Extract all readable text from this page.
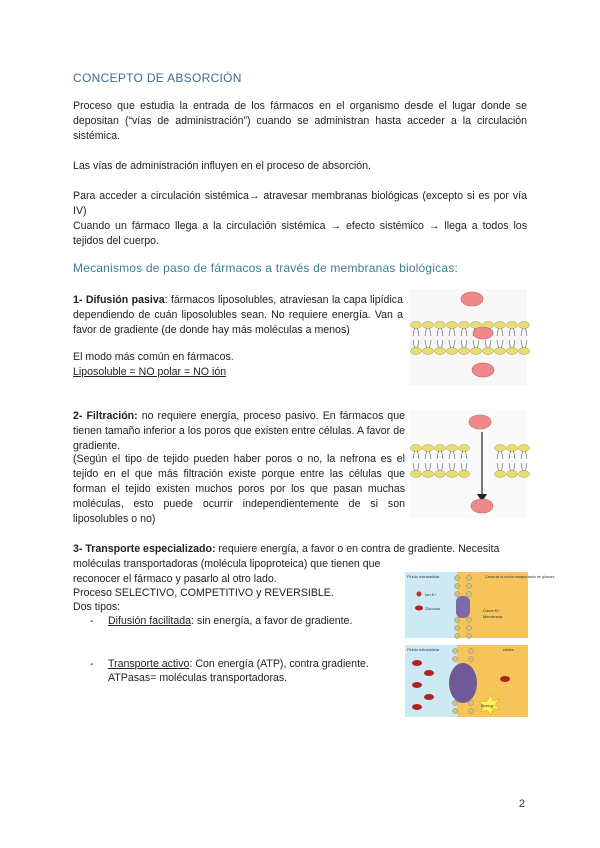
CONCEPTO DE ABSORCIÓN
Proceso que estudia la entrada de los fármacos en el organismo desde el lugar donde se depositan (“vías de administración”) cuando se administran hasta acceder a la circulación sistémica.
Las vías de administración influyen en el proceso de absorción.
Para acceder a circulación sistémica→ atravesar membranas biológicas (excepto si es por vía IV)
Cuando un fármaco llega a la circulación sistémica → efecto sistémico → llega a todos los tejidos del cuerpo.
Mecanismos de paso de fármacos a través de membranas biológicas:
1- Difusión pasiva: fármacos liposolubles, atraviesan la capa lipídica dependiendo de cuán liposolubles sean. No requiere energía. Van a favor de gradiente (de donde hay más moléculas a menos)
El modo más común en fármacos.
Liposoluble = NO polar = NO ión
2- Filtración: no requiere energía, proceso pasivo. En fármacos que tienen tamaño inferior a los poros que existen entre células. A favor de gradiente.
(Según el tipo de tejido pueden haber poros o no, la nefrona es el tejido en el que más filtración existe porque entre las células que forman el tejido existen muchos poros por los que pasan muchas moléculas, esto puede ocurrir independientemente de si son liposolubles o no)
3- Transporte especializado: requiere energía, a favor o en contra de gradiente. Necesita
moléculas transportadoras (molécula lipoproteica) que tienen que
reconocer el fármaco y pasarlo al otro lado.
Proceso SELECTIVO, COMPETITIVO y REVERSIBLE.
Dos tipos:
- Difusión facilitada: sin energía, a favor de gradiente.
- Transporte activo: Con energía (ATP), contra gradiente.
ATPasas= moléculas transportadoras.
Fluido extracelular
Ion K+
Glucosa
Canal de la célula transportador de glucosa
Canal K+
Membrana
Fluido extracelular	célula
Energy
2
